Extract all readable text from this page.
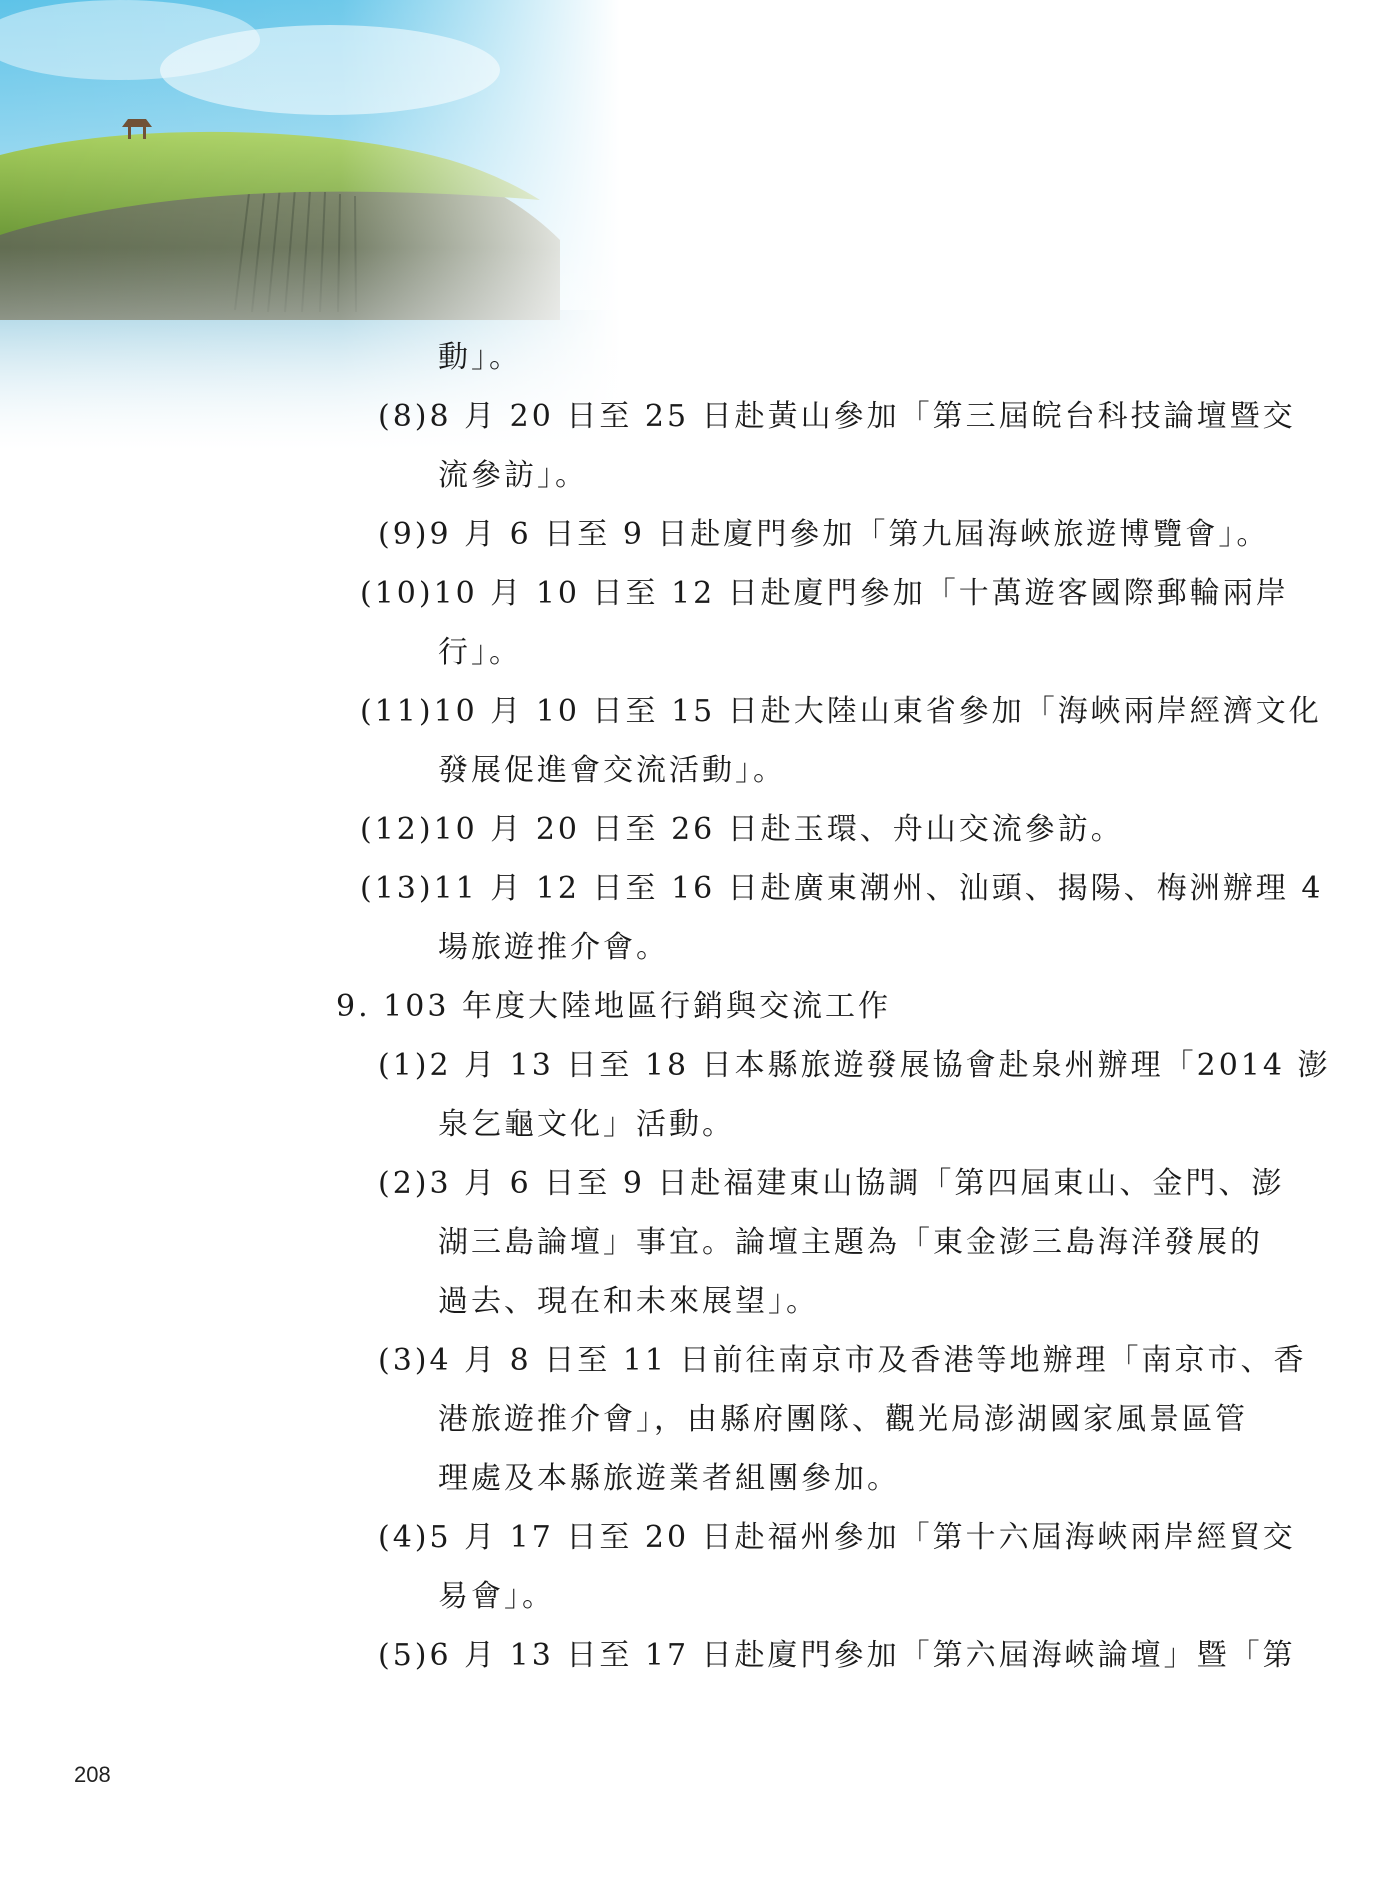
動」。
(8)8 月 20 日至 25 日赴黃山參加「第三屆皖台科技論壇暨交
流參訪」。
(9)9 月 6 日至 9 日赴廈門參加「第九屆海峽旅遊博覽會」。
(10)10 月 10 日至 12 日赴廈門參加「十萬遊客國際郵輪兩岸
行」。
(11)10 月 10 日至 15 日赴大陸山東省參加「海峽兩岸經濟文化
發展促進會交流活動」。
(12)10 月 20 日至 26 日赴玉環、舟山交流參訪。
(13)11 月 12 日至 16 日赴廣東潮州、汕頭、揭陽、梅洲辦理 4
場旅遊推介會。
9. 103 年度大陸地區行銷與交流工作
(1)2 月 13 日至 18 日本縣旅遊發展協會赴泉州辦理「2014 澎
泉乞龜文化」活動。
(2)3 月 6 日至 9 日赴福建東山協調「第四屆東山、金門、澎
湖三島論壇」事宜。論壇主題為「東金澎三島海洋發展的
過去、現在和未來展望」。
(3)4 月 8 日至 11 日前往南京市及香港等地辦理「南京市、香
港旅遊推介會」，由縣府團隊、觀光局澎湖國家風景區管
理處及本縣旅遊業者組團參加。
(4)5 月 17 日至 20 日赴福州參加「第十六屆海峽兩岸經貿交
易會」。
(5)6 月 13 日至 17 日赴廈門參加「第六屆海峽論壇」暨「第
208
